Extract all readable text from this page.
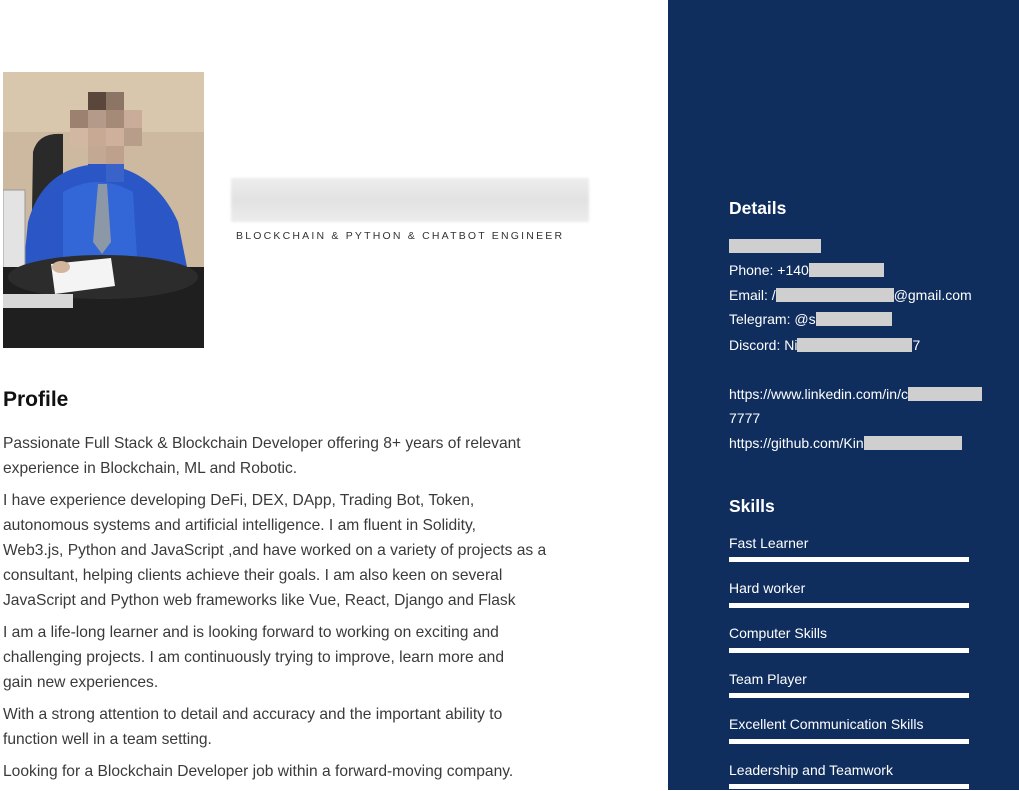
BLOCKCHAIN & PYTHON & CHATBOT ENGINEER
Profile

Passionate Full Stack & Blockchain Developer offering 8+ years of relevant
experience in Blockchain, ML and Robotic.

I have experience developing DeFi, DEX, DApp, Trading Bot, Token,
autonomous systems and artificial intelligence. I am fluent in Solidity,
Web3.js, Python and JavaScript ,and have worked on a variety of projects as a
consultant, helping clients achieve their goals. I am also keen on several
JavaScript and Python web frameworks like Vue, React, Django and Flask

I am a life-long learner and is looking forward to working on exciting and
challenging projects. I am continuously trying to improve, learn more and
gain new experiences.

With a strong attention to detail and accuracy and the important ability to
function well in a team setting.

Looking for a Blockchain Developer job within a forward-moving company.

Details
Phone: +140
Email: /	@gmail.com
Telegram: @s
Discord: Ni	7
https://www.linkedin.com/in/c
7777
https://github.com/Kin
Skills
Fast Learner
Hard worker
Computer Skills
Team Player
Excellent Communication Skills
Leadership and Teamwork
